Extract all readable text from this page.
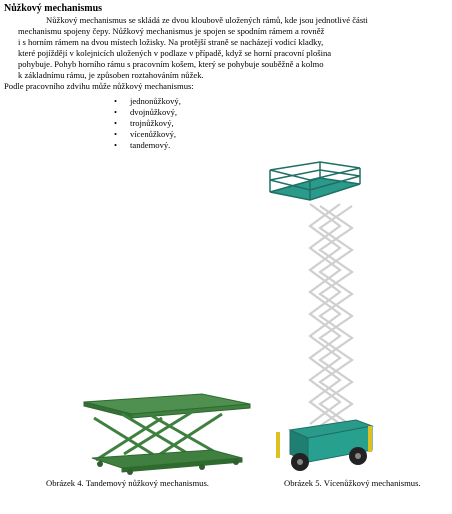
Nůžkový mechanismus
Nůžkový mechanismus se skládá ze dvou kloubově uložených rámů, kde jsou jednotlivé části
mechanismu spojeny čepy. Nůžkový mechanismus je spojen se spodním rámem a rovněž
i s horním rámem na dvou místech ložisky. Na protější straně se nacházejí vodicí kladky,
které pojíždějí v kolejnicích uložených v podlaze v případě, když se horní pracovní plošina
pohybuje. Pohyb horního rámu s pracovním košem, který se pohybuje souběžně a kolmo
k základnímu rámu, je způsoben roztahováním nůžek.
Podle pracovního zdvihu může nůžkový mechanismus:
• jednonůžkový,
• dvojnůžkový,
• trojnůžkový,
• vícenůžkový,
• tandemový.
Obrázek 4. Tandemový nůžkový mechanismus.	Obrázek 5. Vícenůžkový mechanismus.
